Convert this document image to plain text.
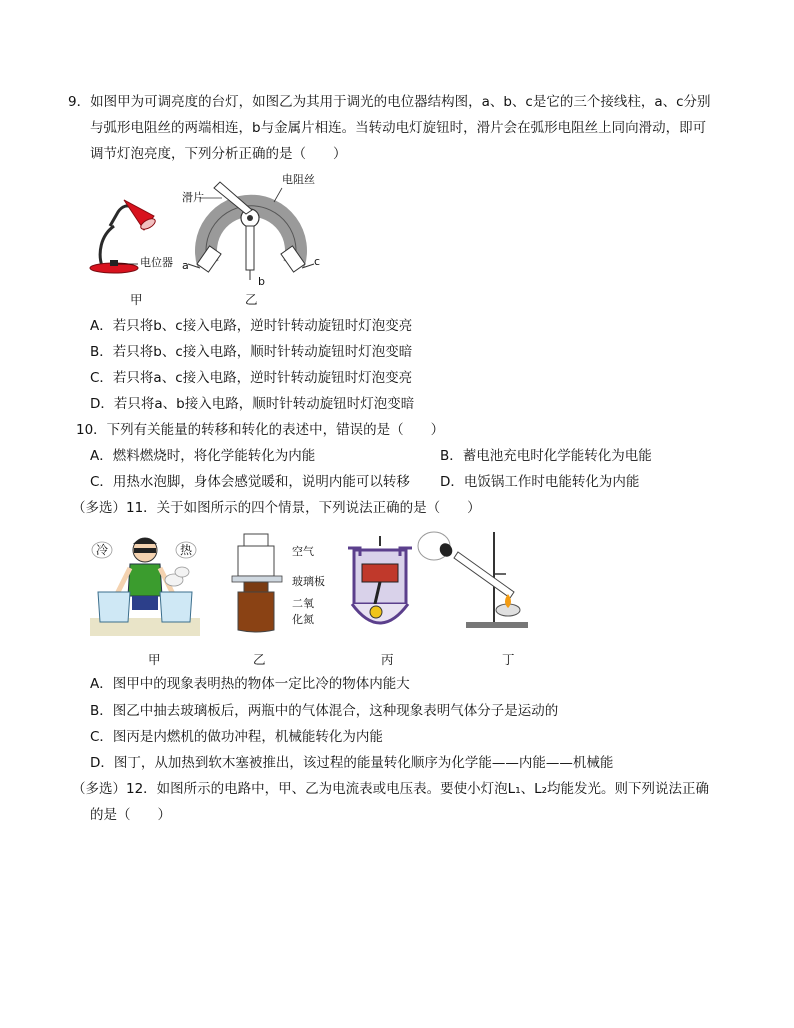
9．如图甲为可调亮度的台灯，如图乙为其用于调光的电位器结构图，a、b、c是它的三个接线柱，a、c分别
与弧形电阻丝的两端相连，b与金属片相连。当转动电灯旋钮时，滑片会在弧形电阻丝上同向滑动，即可
调节灯泡亮度，下列分析正确的是（　　）
电位器
滑片
电阻丝
a
b
c
甲	乙
A．若只将b、c接入电路，逆时针转动旋钮时灯泡变亮
B．若只将b、c接入电路，顺时针转动旋钮时灯泡变暗
C．若只将a、c接入电路，逆时针转动旋钮时灯泡变亮
D．若只将a、b接入电路，顺时针转动旋钮时灯泡变暗
10．下列有关能量的转移和转化的表述中，错误的是（　　）
A．燃料燃烧时，将化学能转化为内能	B．蓄电池充电时化学能转化为电能
C．用热水泡脚，身体会感觉暖和，说明内能可以转移 D．电饭锅工作时电能转化为内能
（多选）11．关于如图所示的四个情景，下列说法正确的是（　　）
冷	热	空气
玻璃板
二氧
化氮
甲	乙	丙	丁
A．图甲中的现象表明热的物体一定比冷的物体内能大
B．图乙中抽去玻璃板后，两瓶中的气体混合，这种现象表明气体分子是运动的
C．图丙是内燃机的做功冲程，机械能转化为内能
D．图丁，从加热到软木塞被推出，该过程的能量转化顺序为化学能——内能——机械能
（多选）12．如图所示的电路中，甲、乙为电流表或电压表。要使小灯泡L₁、L₂均能发光。则下列说法正确
的是（　　）
